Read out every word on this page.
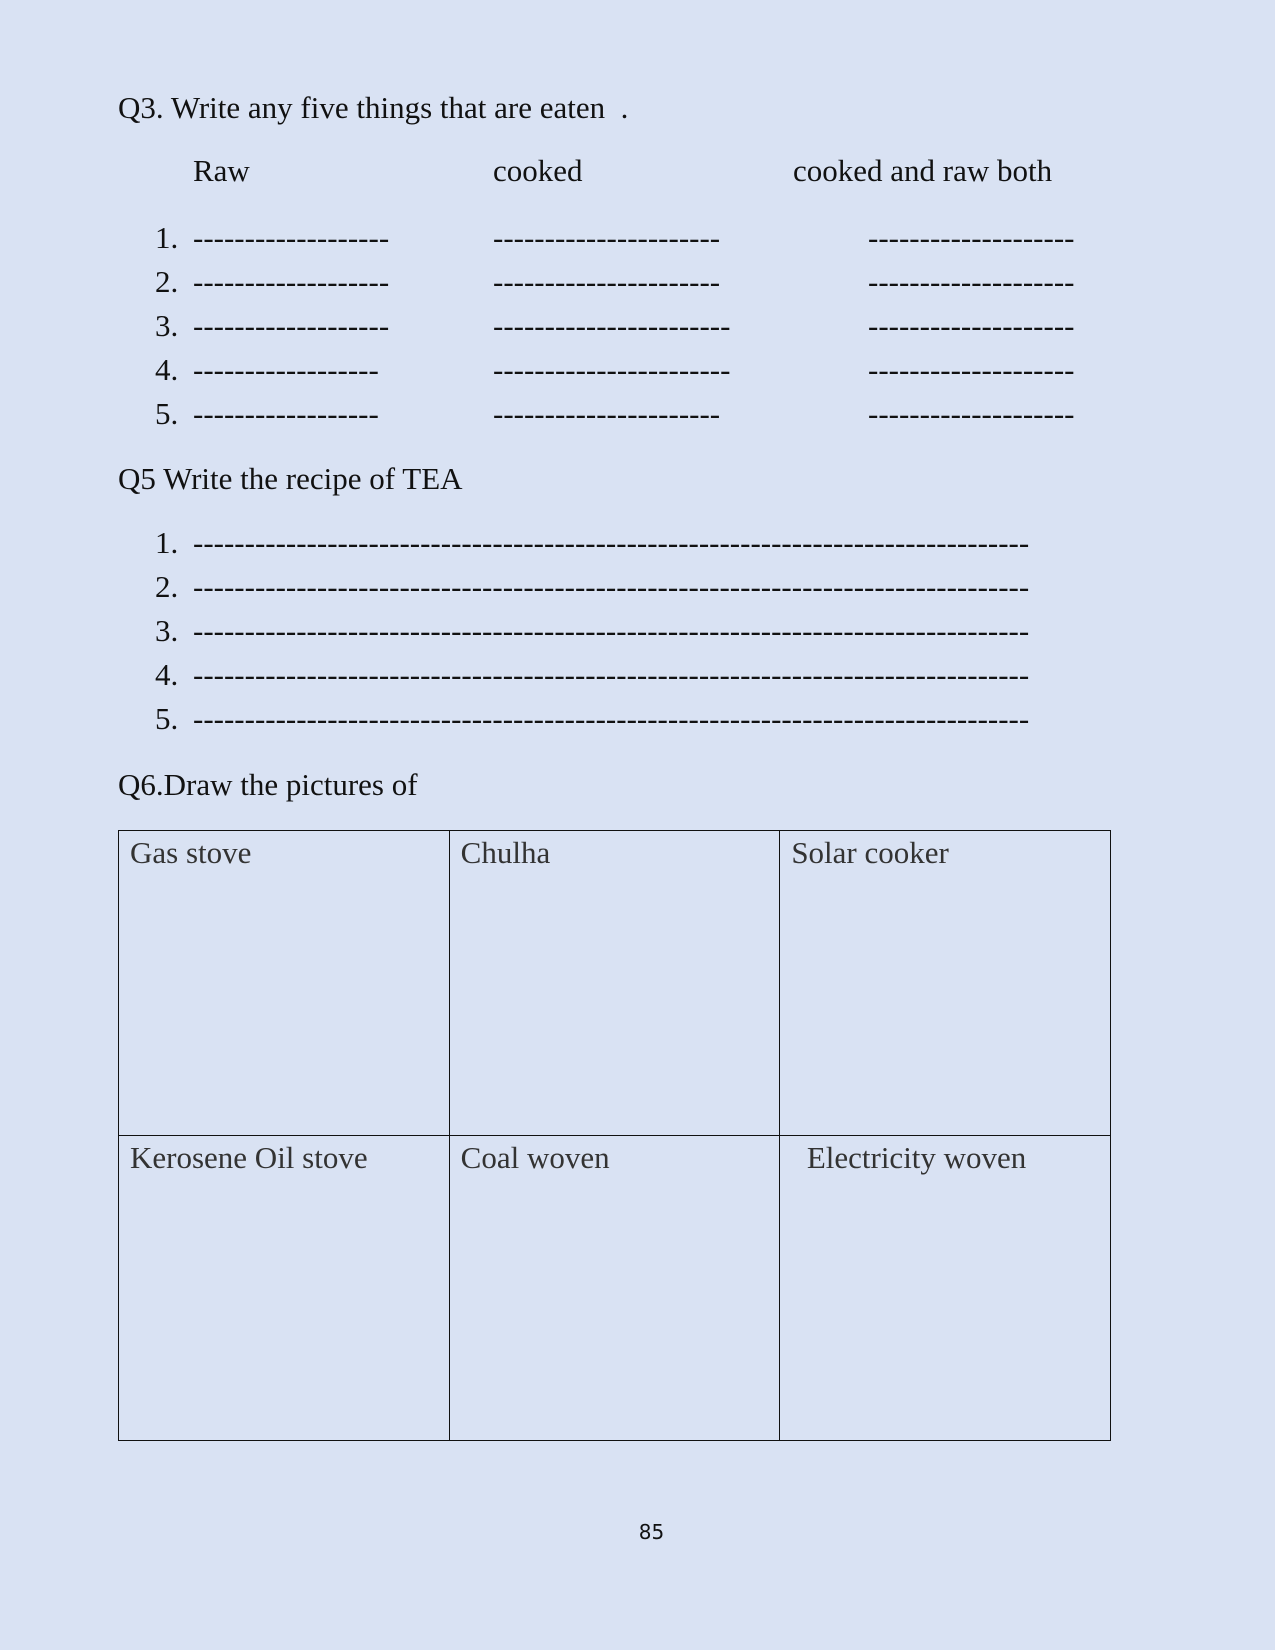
Q3. Write any five things that are eaten  .
Raw	cooked	cooked and raw both
1. -------------------	----------------------	--------------------
2. -------------------	----------------------	--------------------
3. -------------------	-----------------------	--------------------
4. ------------------	-----------------------	--------------------
5. ------------------	----------------------	--------------------
Q5 Write the recipe of TEA
1. ---------------------------------------------------------------------------------
2. ---------------------------------------------------------------------------------
3. ---------------------------------------------------------------------------------
4. ---------------------------------------------------------------------------------
5. ---------------------------------------------------------------------------------
Q6.Draw the pictures of
Gas stove	Chulha	Solar cooker

Kerosene Oil stove	Coal woven	Electricity woven
85
